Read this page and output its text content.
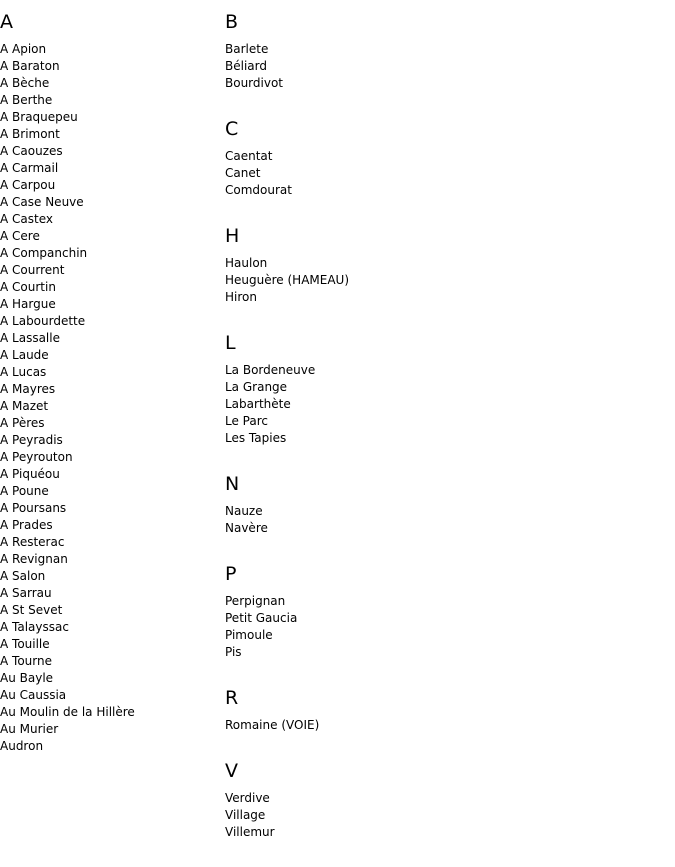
A
A Apion
A Baraton
A Bèche
A Berthe
A Braquepeu
A Brimont
A Caouzes
A Carmail
A Carpou
A Case Neuve
A Castex
A Cere
A Companchin
A Courrent
A Courtin
A Hargue
A Labourdette
A Lassalle
A Laude
A Lucas
A Mayres
A Mazet
A Pères
A Peyradis
A Peyrouton
A Piquéou
A Poune
A Poursans
A Prades
A Resterac
A Revignan
A Salon
A Sarrau
A St Sevet
A Talayssac
A Touille
A Tourne
Au Bayle
Au Caussia
Au Moulin de la Hillère
Au Murier
Audron
B
Barlete
Béliard
Bourdivot
C
Caentat
Canet
Comdourat
H
Haulon
Heuguère (HAMEAU)
Hiron
L
La Bordeneuve
La Grange
Labarthète
Le Parc
Les Tapies
N
Nauze
Navère
P
Perpignan
Petit Gaucia
Pimoule
Pis
R
Romaine (VOIE)
V
Verdive
Village
Villemur
